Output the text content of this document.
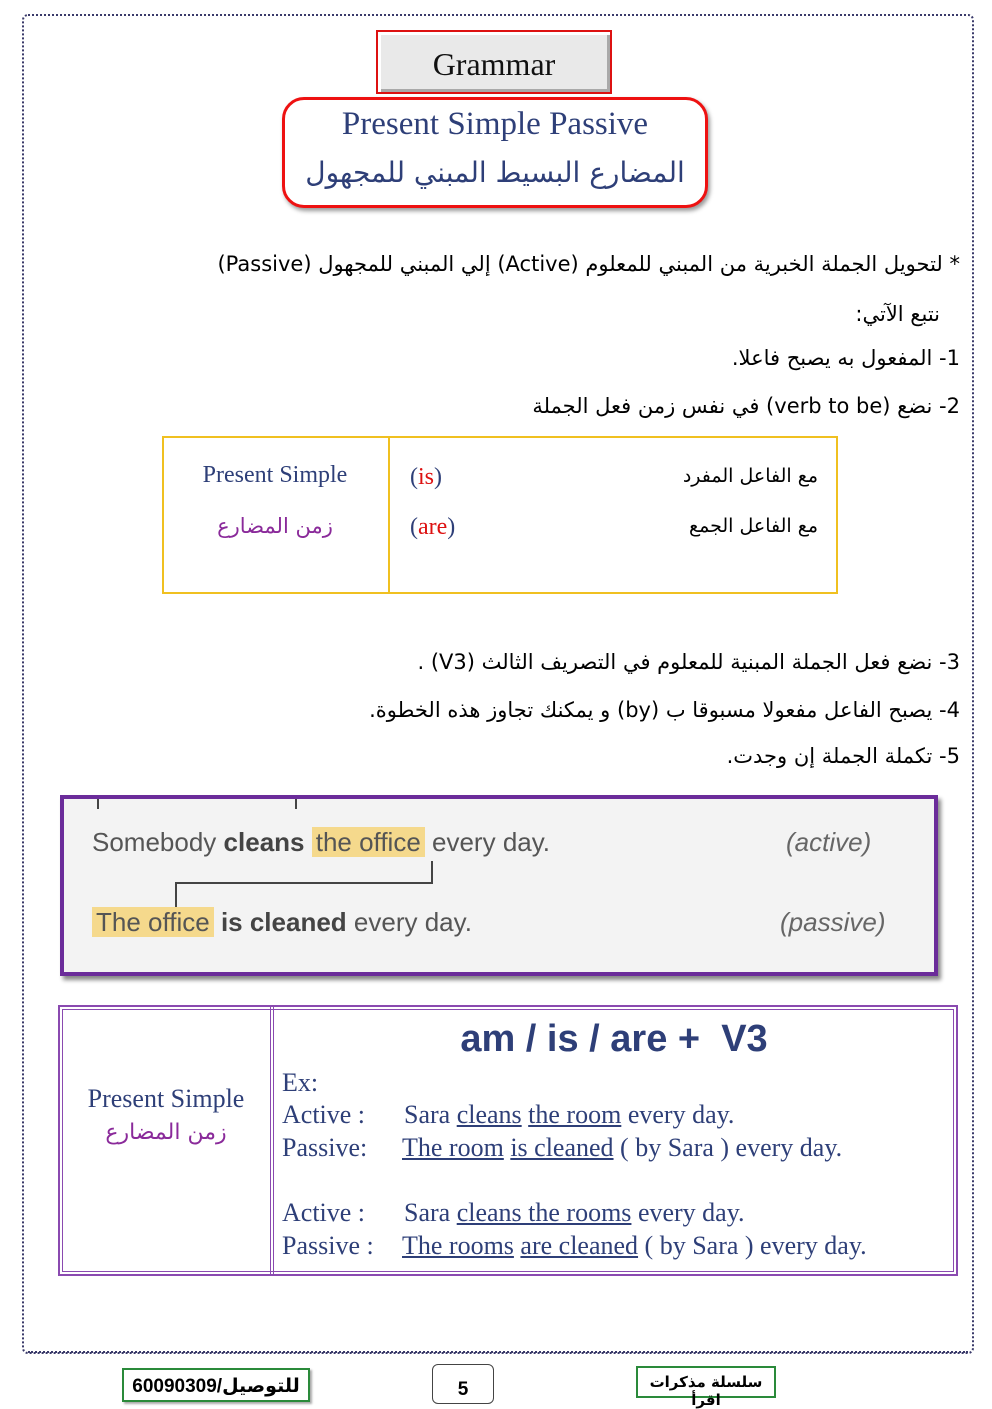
Grammar
Present Simple Passive
المضارع البسيط المبني للمجهول
* لتحويل الجملة الخبرية من المبني للمعلوم (Active) إلي المبني للمجهول (Passive)
نتبع الآتي:
1- المفعول به يصبح فاعلا.
2- نضع (verb to be) في نفس زمن فعل الجملة
Present Simple
زمن المضارع
(is)	مع الفاعل المفرد
(are)	مع الفاعل الجمع
3- نضع فعل الجملة المبنية للمعلوم في التصريف الثالث (V3) .
4- يصبح الفاعل مفعولا مسبوقا ب (by) و يمكنك تجاوز هذه الخطوة.
5- تكملة الجملة إن وجدت.
Somebody cleans the office every day.	(active)
The office is cleaned every day.	(passive)
Present Simple
زمن المضارع
am / is / are +  V3
Ex:
Active : Sara cleans the room every day.
Passive: The room is cleaned ( by Sara ) every day.
Active : Sara cleans the rooms every day.
Passive : The rooms are cleaned ( by Sara ) every day.
60090309/للتوصيل	5	سلسلة مذكرات اقرأ
